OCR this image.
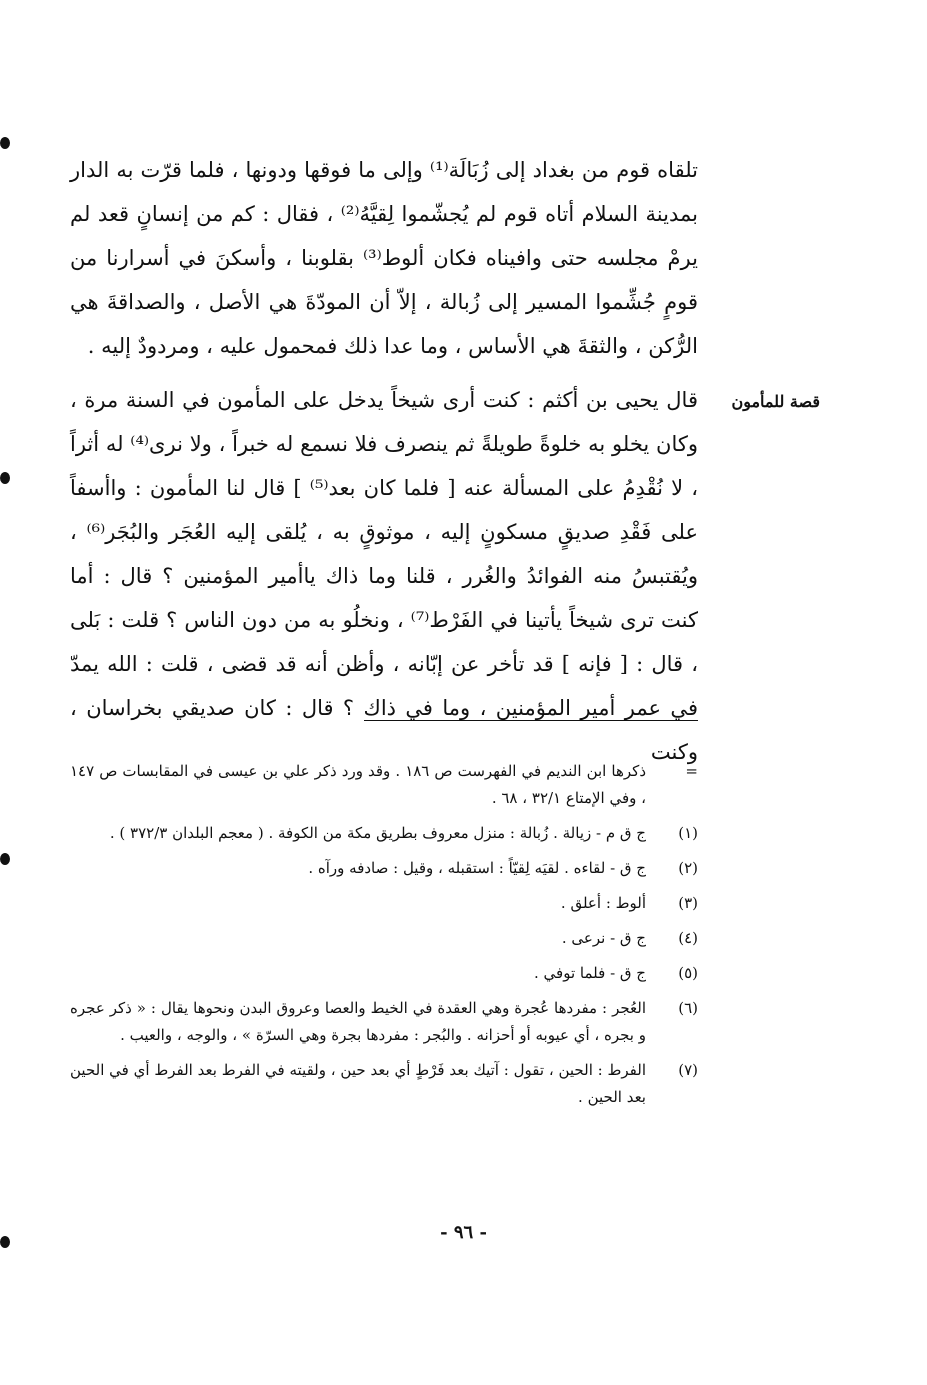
تلقاه قوم من بغداد إلى زُبَالَة⁽¹⁾ وإلى ما فوقها ودونها ، فلما قرّت به الدار بمدينة السلام أتاه قوم لم يُجشّموا لِقيَّهُ⁽²⁾ ، فقال : كم من إنسانٍ قعد لم يرمْ مجلسه حتى وافيناه فكان ألوط⁽³⁾ بقلوبنا ، وأسكنَ في أسرارنا من قومٍ جُشِّموا المسير إلى زُبالة ، إلاّ أن المودّةَ هي الأصل ، والصداقةَ هي الرُّكن ، والثقةَ هي الأساس ، وما عدا ذلك فمحمول عليه ، ومردودٌ إليه .

قال يحيى بن أكثم : كنت أرى شيخاً يدخل على المأمون في السنة مرة ، وكان يخلو به خلوةً طويلةً ثم ينصرف فلا نسمع له خبراً ، ولا نرى⁽⁴⁾ له أثراً ، لا نُقْدِمُ على المسألة عنه [ فلما كان بعد⁽⁵⁾ ] قال لنا المأمون : واأسفاً على فَقْدِ صديقٍ مسكونٍ إليه ، موثوقٍ به ، يُلقى إليه العُجَر والبُجَر⁽⁶⁾ ، ويُقتبسُ منه الفوائدُ والغُرر ، قلنا وما ذاك ياأمير المؤمنين ؟ قال : أما كنت ترى شيخاً يأتينا في الفَرْط⁽⁷⁾ ، ونخلُو به من دون الناس ؟ قلت : بَلى ، قال : [ فإنه ] قد تأخر عن إبّانه ، وأظن أنه قد قضى ، قلت : الله يمدّ في عمر أمير المؤمنين ، وما في ذاك ؟ قال : كان صديقي بخراسان ، وكنت

قصة للمأمون
=
ذكرها ابن النديم في الفهرست ص ١٨٦ . وقد ورد ذكر علي بن عيسى في المقابسات ص ١٤٧ ، وفي الإمتاع ٣٢/١ ، ٦٨ .
(١)
ج ق م - زيالة . زُبالة : منزل معروف بطريق مكة من الكوفة . ( معجم البلدان ٣٧٢/٣ ) .
(٢)
ج ق - لقاءه . لقيَه لِقيّاً : استقبله ، وقيل : صادفه ورآه .
(٣)
ألوط : أعلق .
(٤)
ج ق - نرعى .
(٥)
ج ق - فلما توفي .
(٦)
العُجر : مفردها عُجرة وهي العقدة في الخيط والعصا وعروق البدن ونحوها يقال : « ذكر عجره و بجره ، أي عيوبه أو أحزانه . والبُجر : مفردها بجرة وهي السرّة » ، والوجه ، والعيب .
(٧)
الفرط : الحين ، تقول : آتيك بعد فَرْطٍ أي بعد حين ، ولقيته في الفرط بعد الفرط أي في الحين بعد الحين .
- ٩٦ -
